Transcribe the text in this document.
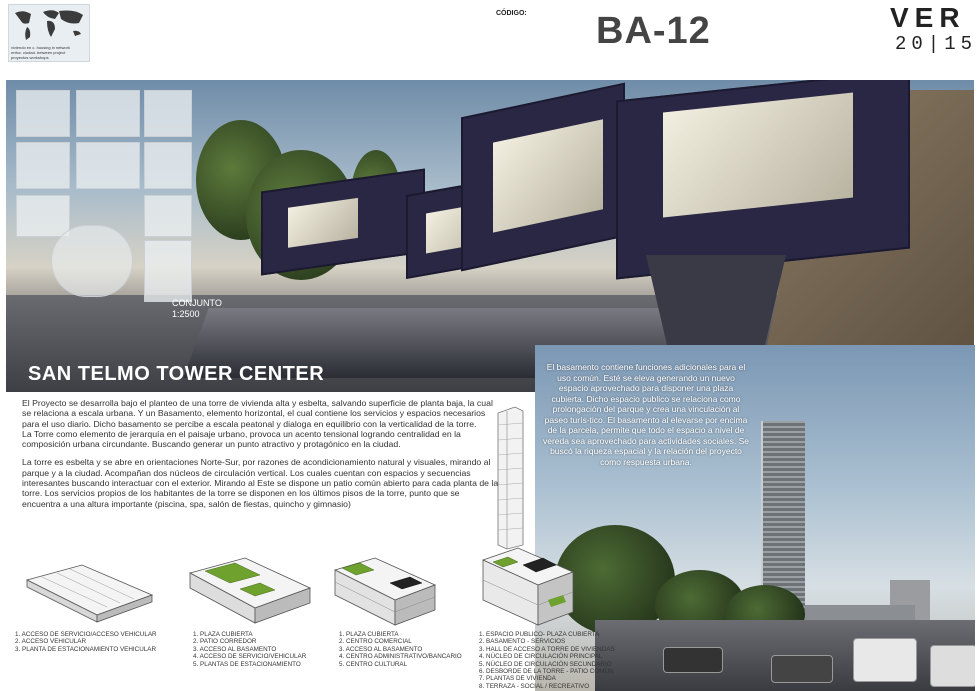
viviendo en c. housing in network
enfoc. ciudad. between project
proyectos workshops
CÓDIGO: BA-12	VER
20|15
CONJUNTO
1:2500
SAN TELMO TOWER CENTER	El basamento contiene funciones adicionales para el uso común. Esté se eleva generando un nuevo espacio aprovechado para disponer una plaza cubierta. Dicho espacio publico se relaciona como prolongación del parque y crea una vinculación al paseo turís-tico. El basamento al elevarse por encima de la parcela, permite que todo el espacio a nivel de vereda sea aprovechado para actividades sociales. Se buscó la riqueza espacial y la relación del proyecto como respuesta urbana.

El Proyecto se desarrolla bajo el planteo de una torre de vivienda alta y esbelta, salvando superficie de planta baja, la cual se relaciona a escala urbana. Y un Basamento, elemento horizontal, el cual contiene los servicios y espacios necesarios para el uso diario. Dicho basamento se percibe a escala peatonal y dialoga en equilibrio con la verticalidad de la torre.
La Torre como elemento de jerarquía en el paisaje urbano, provoca un acento tensional logrando centralidad en la composición urbana circundante. Buscando generar un punto atractivo y protagónico en la ciudad.

La torre es esbelta y se abre en orientaciones Norte-Sur, por razones de acondicionamiento natural y visuales, mirando al parque y a la ciudad. Acompañan dos núcleos de circulación vertical. Los cuales cuentan con espacios y secuencias interesantes buscando interactuar con el exterior. Mirando al Este se dispone un patio común abierto para cada planta de la torre. Los servicios propios de los habitantes de la torre se disponen en los últimos pisos de la torre, punto que se encuentra a una altura importante (piscina, spa, salón de fiestas, quincho y gimnasio)

1. ACCESO DE SERVICIO/ACCESO VEHICULAR
2. ACCESO VEHICULAR
3. PLANTA DE ESTACIONAMIENTO VEHICULAR
1. PLAZA CUBIERTA
2. PATIO CORREDOR
3. ACCESO AL BASAMENTO
4. ACCESO DE SERVICIO/VEHICULAR
5. PLANTAS DE ESTACIONAMIENTO
1. PLAZA CUBIERTA
2. CENTRO COMERCIAL
3. ACCESO AL BASAMENTO
4. CENTRO ADMINISTRATIVO/BANCARIO
5. CENTRO CULTURAL
1. ESPACIO PUBLICO- PLAZA CUBIERTA
2. BASAMENTO - SERVICIOS
3. HALL DE ACCESO A TORRE DE VIVIENDAS
4. NÚCLEO DE CIRCULACIÓN PRINCIPAL
5. NÚCLEO DE CIRCULACIÓN SECUNDARIO
6. DESBORDE DE LA TORRE - PATIO COMÚN
7. PLANTAS DE VIVIENDA
8. TERRAZA - SOCIAL / RECREATIVO
